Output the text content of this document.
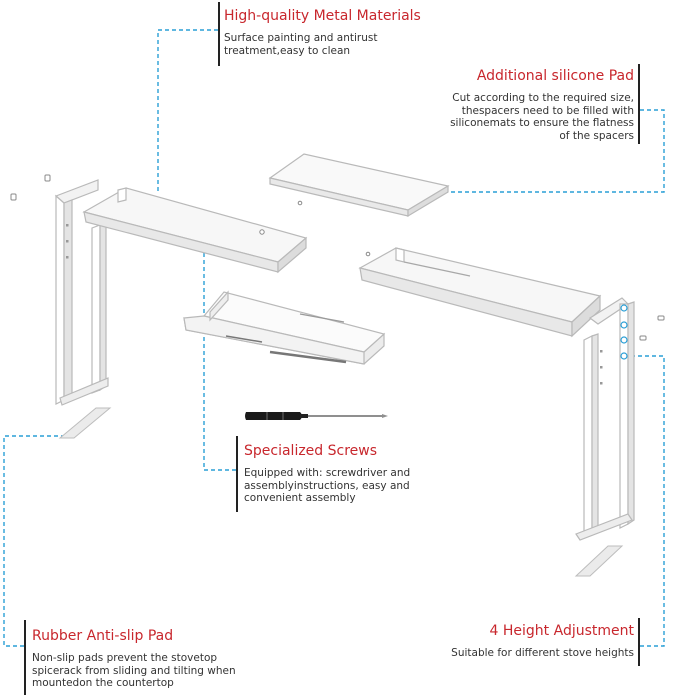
High-quality Metal Materials
Surface painting and antirust
treatment,easy to clean
Additional silicone Pad
Cut according to the required size,
thespacers need to be filled with
siliconemats to ensure the flatness
of the spacers
Specialized Screws
Equipped with: screwdriver and
assemblyinstructions, easy and
convenient assembly
Rubber Anti-slip Pad
Non-slip pads prevent the stovetop
spicerack from sliding and tilting when
mountedon the countertop
4 Height Adjustment
Suitable for different stove heights
